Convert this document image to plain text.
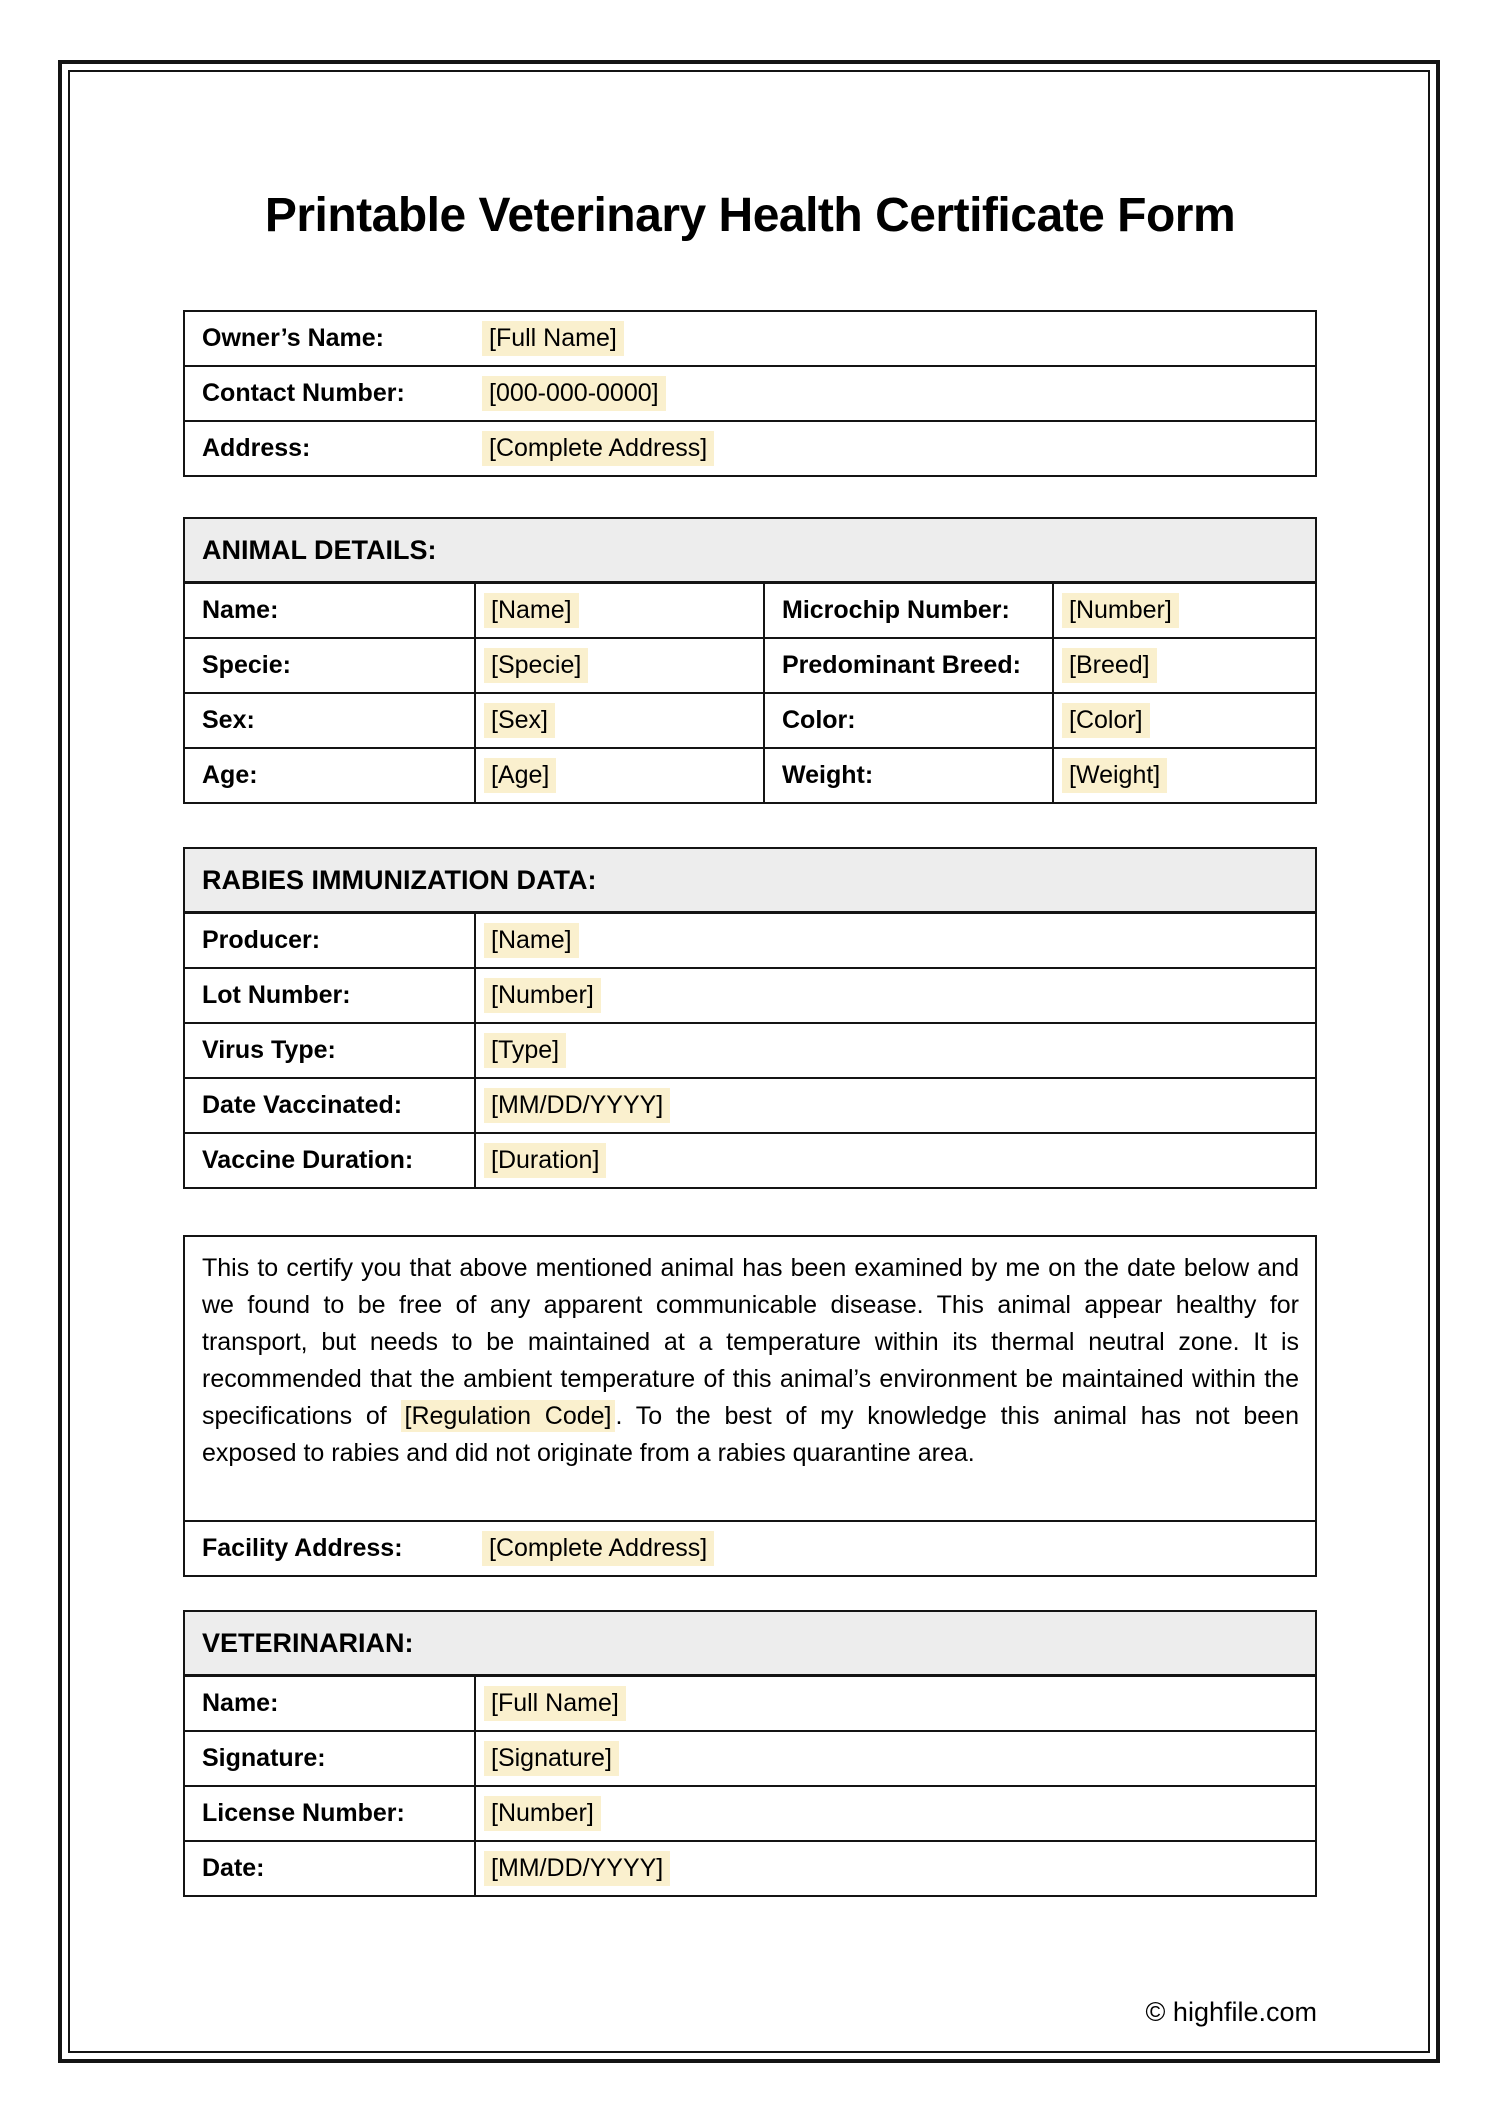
Printable Veterinary Health Certificate Form
Owner’s Name:	[Full Name]
Contact Number:	[000-000-0000]
Address:	[Complete Address]
ANIMAL DETAILS:
Name:	[Name]	Microchip Number:	[Number]
Specie:	[Specie]	Predominant Breed:	[Breed]
Sex:	[Sex]	Color:	[Color]
Age:	[Age]	Weight:	[Weight]
RABIES IMMUNIZATION DATA:
Producer:	[Name]
Lot Number:	[Number]
Virus Type:	[Type]
Date Vaccinated:	[MM/DD/YYYY]
Vaccine Duration:	[Duration]

This to certify you that above mentioned animal has been examined by me on the date below and we found to be free of any apparent communicable disease. This animal appear healthy for transport, but needs to be maintained at a temperature within its thermal neutral zone. It is recommended that the ambient temperature of this animal’s environment be maintained within the specifications of [Regulation Code] . To the best of my knowledge this animal has not been exposed to rabies and did not originate from a rabies quarantine area.

Facility Address:	[Complete Address]
VETERINARIAN:
Name:	[Full Name]
Signature:	[Signature]
License Number:	[Number]
Date:	[MM/DD/YYYY]
© highfile.com
